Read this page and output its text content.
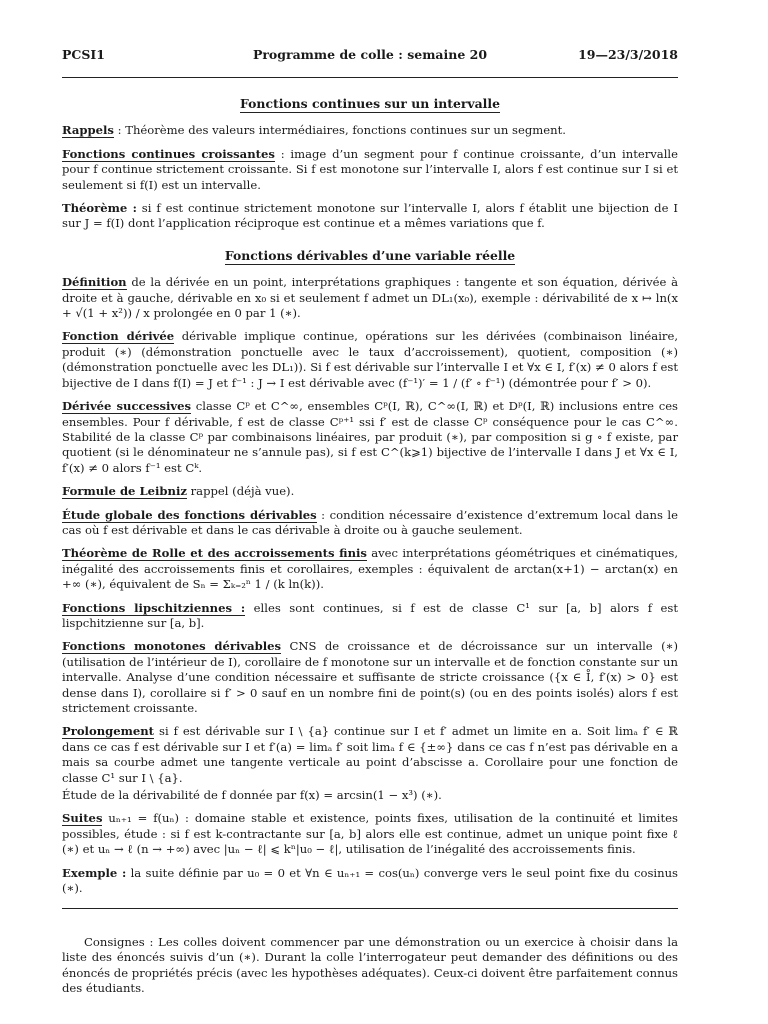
PCSI1	Programme de colle : semaine 20	19—23/3/2018
Fonctions continues sur un intervalle

Rappels : Théorème des valeurs intermédiaires, fonctions continues sur un segment.

Fonctions continues croissantes : image d’un segment pour f continue croissante, d’un intervalle pour f continue strictement croissante. Si f est monotone sur l’intervalle I, alors f est continue sur I si et seulement si f(I) est un intervalle.

Théorème : si f est continue strictement monotone sur l’intervalle I, alors f établit une bijection de I sur J = f(I) dont l’application réciproque est continue et a mêmes variations que f.

Fonctions dérivables d’une variable réelle

Définition de la dérivée en un point, interprétations graphiques : tangente et son équation, dérivée à droite et à gauche, dérivable en x₀ si et seulement f admet un DL₁(x₀), exemple : dérivabilité de x ↦ ln(x + √(1 + x²)) / x prolongée en 0 par 1 (∗).

Fonction dérivée dérivable implique continue, opérations sur les dérivées (combinaison linéaire, produit (∗) (démonstration ponctuelle avec le taux d’accroissement), quotient, composition (∗) (démonstration ponctuelle avec les DL₁)). Si f est dérivable sur l’intervalle I et ∀x ∈ I, f′(x) ≠ 0 alors f est bijective de I dans f(I) = J et f⁻¹ : J → I est dérivable avec (f⁻¹)′ = 1 / (f′ ∘ f⁻¹) (démontrée pour f′ > 0).

Dérivée successives classe Cᵖ et C^∞, ensembles Cᵖ(I, ℝ), C^∞(I, ℝ) et Dᵖ(I, ℝ) inclusions entre ces ensembles. Pour f dérivable, f est de classe Cᵖ⁺¹ ssi f′ est de classe Cᵖ conséquence pour le cas C^∞. Stabilité de la classe Cᵖ par combinaisons linéaires, par produit (∗), par composition si g ∘ f existe, par quotient (si le dénominateur ne s’annule pas), si f est C^(k⩾1) bijective de l’intervalle I dans J et ∀x ∈ I, f′(x) ≠ 0 alors f⁻¹ est Cᵏ.

Formule de Leibniz rappel (déjà vue).

Étude globale des fonctions dérivables : condition nécessaire d’existence d’extremum local dans le cas où f est dérivable et dans le cas dérivable à droite ou à gauche seulement.

Théorème de Rolle et des accroissements finis avec interprétations géométriques et cinématiques, inégalité des accroissements finis et corollaires, exemples : équivalent de arctan(x+1) − arctan(x) en +∞ (∗), équivalent de Sₙ = Σₖ₌₂ⁿ 1 / (k ln(k)).

Fonctions lipschitziennes : elles sont continues, si f est de classe C¹ sur [a, b] alors f est lispchitzienne sur [a, b].

Fonctions monotones dérivables CNS de croissance et de décroissance sur un intervalle (∗) (utilisation de l’intérieur de I), corollaire de f monotone sur un intervalle et de fonction constante sur un intervalle. Analyse d’une condition nécessaire et suffisante de stricte croissance ({x ∈ I̊, f′(x) > 0} est dense dans I), corollaire si f′ > 0 sauf en un nombre fini de point(s) (ou en des points isolés) alors f est strictement croissante.

Prolongement si f est dérivable sur I \ {a} continue sur I et f′ admet un limite en a. Soit limₐ f′ ∈ ℝ dans ce cas f est dérivable sur I et f′(a) = limₐ f′ soit limₐ f ∈ {±∞} dans ce cas f n’est pas dérivable en a mais sa courbe admet une tangente verticale au point d’abscisse a. Corollaire pour une fonction de classe C¹ sur I \ {a}.

Étude de la dérivabilité de f donnée par f(x) = arcsin(1 − x³) (∗).

Suites uₙ₊₁ = f(uₙ) : domaine stable et existence, points fixes, utilisation de la continuité et limites possibles, étude : si f est k-contractante sur [a, b] alors elle est continue, admet un unique point fixe ℓ (∗) et uₙ → ℓ (n → +∞) avec |uₙ − ℓ| ⩽ kⁿ|u₀ − ℓ|, utilisation de l’inégalité des accroissements finis.

Exemple : la suite définie par u₀ = 0 et ∀n ∈ uₙ₊₁ = cos(uₙ) converge vers le seul point fixe du cosinus (∗).

Consignes : Les colles doivent commencer par une démonstration ou un exercice à choisir dans la liste des énoncés suivis d’un (∗). Durant la colle l’interrogateur peut demander des définitions ou des énoncés de propriétés précis (avec les hypothèses adéquates). Ceux-ci doivent être parfaitement connus des étudiants.
